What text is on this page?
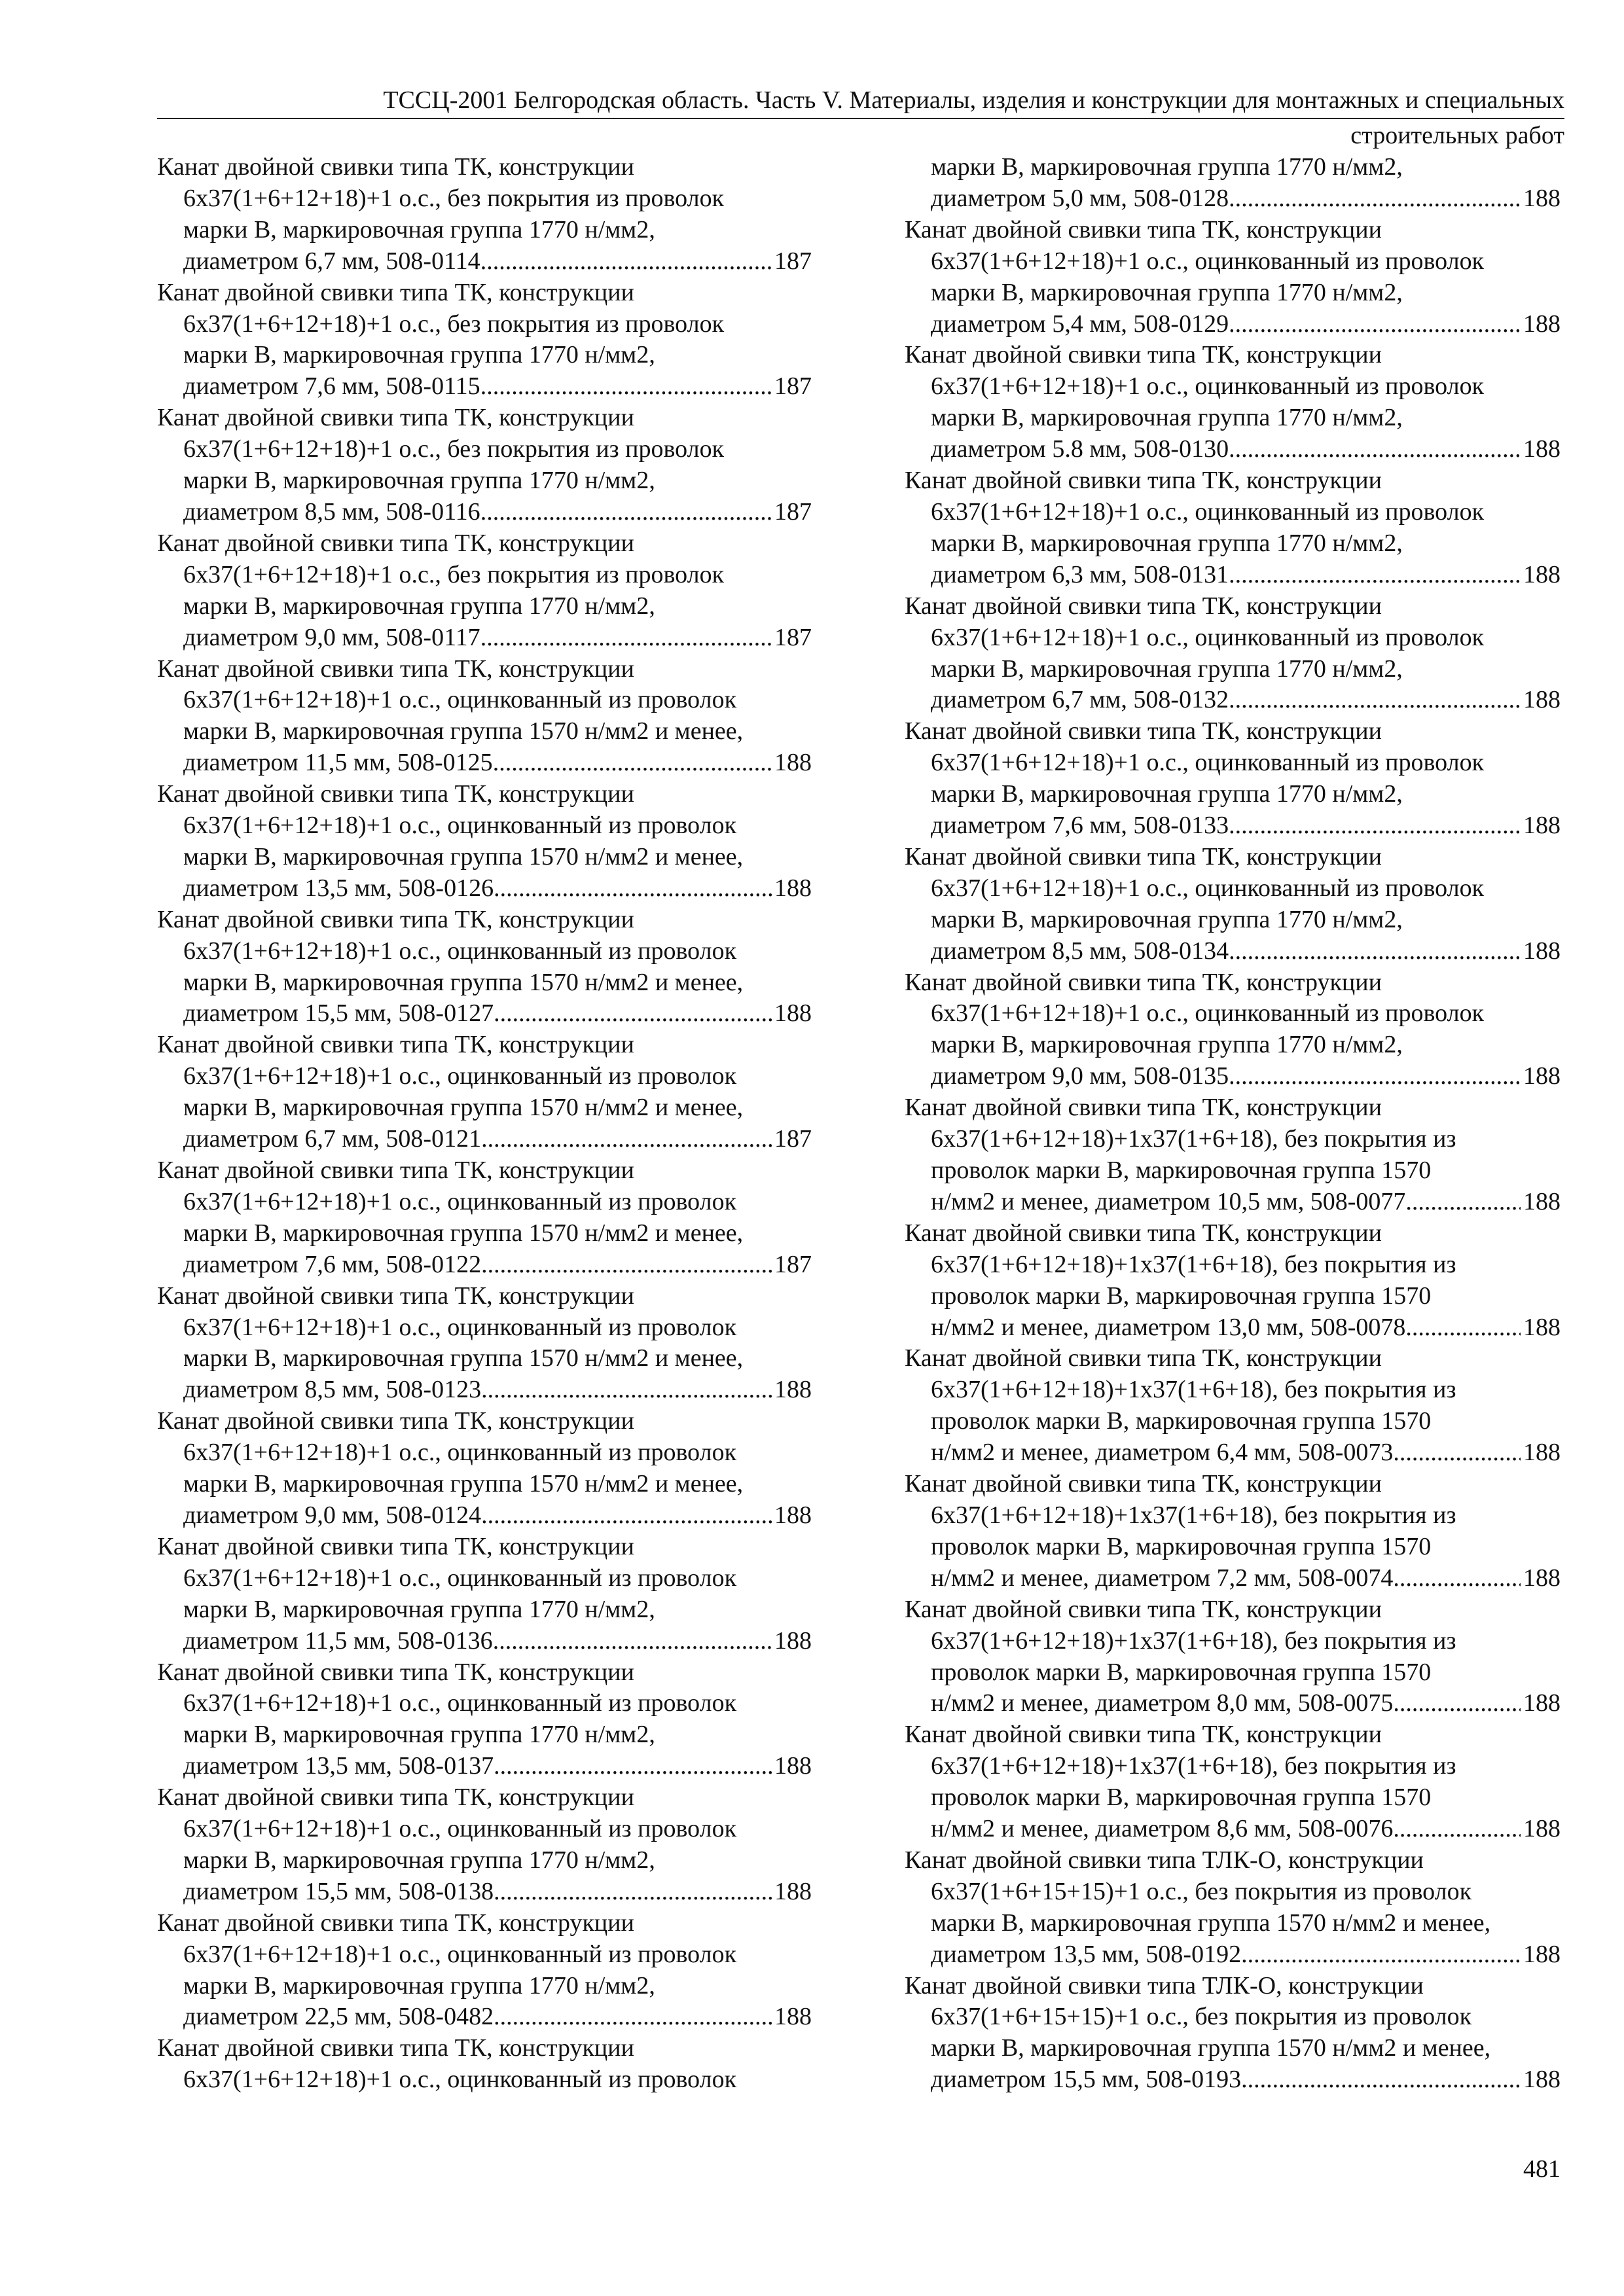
ТССЦ-2001 Белгородская область. Часть V. Материалы, изделия и конструкции для монтажных и специальных
строительных работ
Канат двойной свивки типа ТК, конструкции
6х37(1+6+12+18)+1 о.с., без покрытия из проволок
марки В, маркировочная группа 1770 н/мм2,
диаметром 6,7 мм, 508-0114 .....	187
Канат двойной свивки типа ТК, конструкции
6х37(1+6+12+18)+1 о.с., без покрытия из проволок
марки В, маркировочная группа 1770 н/мм2,
диаметром 7,6 мм, 508-0115 .....	187
Канат двойной свивки типа ТК, конструкции
6х37(1+6+12+18)+1 о.с., без покрытия из проволок
марки В, маркировочная группа 1770 н/мм2,
диаметром 8,5 мм, 508-0116 .....	187
Канат двойной свивки типа ТК, конструкции
6х37(1+6+12+18)+1 о.с., без покрытия из проволок
марки В, маркировочная группа 1770 н/мм2,
диаметром 9,0 мм, 508-0117 .....	187
Канат двойной свивки типа ТК, конструкции
6х37(1+6+12+18)+1 о.с., оцинкованный из проволок
марки В, маркировочная группа 1570 н/мм2 и менее,
диаметром 11,5 мм, 508-0125 .....	188
Канат двойной свивки типа ТК, конструкции
6х37(1+6+12+18)+1 о.с., оцинкованный из проволок
марки В, маркировочная группа 1570 н/мм2 и менее,
диаметром 13,5 мм, 508-0126 .....	188
Канат двойной свивки типа ТК, конструкции
6х37(1+6+12+18)+1 о.с., оцинкованный из проволок
марки В, маркировочная группа 1570 н/мм2 и менее,
диаметром 15,5 мм, 508-0127 .....	188
Канат двойной свивки типа ТК, конструкции
6х37(1+6+12+18)+1 о.с., оцинкованный из проволок
марки В, маркировочная группа 1570 н/мм2 и менее,
диаметром 6,7 мм, 508-0121 .....	187
Канат двойной свивки типа ТК, конструкции
6х37(1+6+12+18)+1 о.с., оцинкованный из проволок
марки В, маркировочная группа 1570 н/мм2 и менее,
диаметром 7,6 мм, 508-0122 .....	187
Канат двойной свивки типа ТК, конструкции
6х37(1+6+12+18)+1 о.с., оцинкованный из проволок
марки В, маркировочная группа 1570 н/мм2 и менее,
диаметром 8,5 мм, 508-0123 .....	188
Канат двойной свивки типа ТК, конструкции
6х37(1+6+12+18)+1 о.с., оцинкованный из проволок
марки В, маркировочная группа 1570 н/мм2 и менее,
диаметром 9,0 мм, 508-0124 .....	188
Канат двойной свивки типа ТК, конструкции
6х37(1+6+12+18)+1 о.с., оцинкованный из проволок
марки В, маркировочная группа 1770 н/мм2,
диаметром 11,5 мм, 508-0136 .....	188
Канат двойной свивки типа ТК, конструкции
6х37(1+6+12+18)+1 о.с., оцинкованный из проволок
марки В, маркировочная группа 1770 н/мм2,
диаметром 13,5 мм, 508-0137 .....	188
Канат двойной свивки типа ТК, конструкции
6х37(1+6+12+18)+1 о.с., оцинкованный из проволок
марки В, маркировочная группа 1770 н/мм2,
диаметром 15,5 мм, 508-0138 .....	188
Канат двойной свивки типа ТК, конструкции
6х37(1+6+12+18)+1 о.с., оцинкованный из проволок
марки В, маркировочная группа 1770 н/мм2,
диаметром 22,5 мм, 508-0482 .....	188
Канат двойной свивки типа ТК, конструкции
6х37(1+6+12+18)+1 о.с., оцинкованный из проволок
марки В, маркировочная группа 1770 н/мм2,
диаметром 5,0 мм, 508-0128 .....	188
Канат двойной свивки типа ТК, конструкции
6х37(1+6+12+18)+1 о.с., оцинкованный из проволок
марки В, маркировочная группа 1770 н/мм2,
диаметром 5,4 мм, 508-0129 .....	188
Канат двойной свивки типа ТК, конструкции
6х37(1+6+12+18)+1 о.с., оцинкованный из проволок
марки В, маркировочная группа 1770 н/мм2,
диаметром 5.8 мм, 508-0130 .....	188
Канат двойной свивки типа ТК, конструкции
6х37(1+6+12+18)+1 о.с., оцинкованный из проволок
марки В, маркировочная группа 1770 н/мм2,
диаметром 6,3 мм, 508-0131 .....	188
Канат двойной свивки типа ТК, конструкции
6х37(1+6+12+18)+1 о.с., оцинкованный из проволок
марки В, маркировочная группа 1770 н/мм2,
диаметром 6,7 мм, 508-0132 .....	188
Канат двойной свивки типа ТК, конструкции
6х37(1+6+12+18)+1 о.с., оцинкованный из проволок
марки В, маркировочная группа 1770 н/мм2,
диаметром 7,6 мм, 508-0133 .....	188
Канат двойной свивки типа ТК, конструкции
6х37(1+6+12+18)+1 о.с., оцинкованный из проволок
марки В, маркировочная группа 1770 н/мм2,
диаметром 8,5 мм, 508-0134 .....	188
Канат двойной свивки типа ТК, конструкции
6х37(1+6+12+18)+1 о.с., оцинкованный из проволок
марки В, маркировочная группа 1770 н/мм2,
диаметром 9,0 мм, 508-0135 .....	188
Канат двойной свивки типа ТК, конструкции
6х37(1+6+12+18)+1х37(1+6+18), без покрытия из
проволок марки В, маркировочная группа 1570
н/мм2 и менее, диаметром 10,5 мм, 508-0077 .....	188
Канат двойной свивки типа ТК, конструкции
6х37(1+6+12+18)+1х37(1+6+18), без покрытия из
проволок марки В, маркировочная группа 1570
н/мм2 и менее, диаметром 13,0 мм, 508-0078 .....	188
Канат двойной свивки типа ТК, конструкции
6х37(1+6+12+18)+1х37(1+6+18), без покрытия из
проволок марки В, маркировочная группа 1570
н/мм2 и менее, диаметром 6,4 мм, 508-0073 .....	188
Канат двойной свивки типа ТК, конструкции
6х37(1+6+12+18)+1х37(1+6+18), без покрытия из
проволок марки В, маркировочная группа 1570
н/мм2 и менее, диаметром 7,2 мм, 508-0074 .....	188
Канат двойной свивки типа ТК, конструкции
6х37(1+6+12+18)+1х37(1+6+18), без покрытия из
проволок марки В, маркировочная группа 1570
н/мм2 и менее, диаметром 8,0 мм, 508-0075 .....	188
Канат двойной свивки типа ТК, конструкции
6х37(1+6+12+18)+1х37(1+6+18), без покрытия из
проволок марки В, маркировочная группа 1570
н/мм2 и менее, диаметром 8,6 мм, 508-0076 .....	188
Канат двойной свивки типа ТЛК-О, конструкции
6х37(1+6+15+15)+1 о.с., без покрытия из проволок
марки В, маркировочная группа 1570 н/мм2 и менее,
диаметром 13,5 мм, 508-0192 .....	188
Канат двойной свивки типа ТЛК-О, конструкции
6х37(1+6+15+15)+1 о.с., без покрытия из проволок
марки В, маркировочная группа 1570 н/мм2 и менее,
диаметром 15,5 мм, 508-0193 .....	188
481
